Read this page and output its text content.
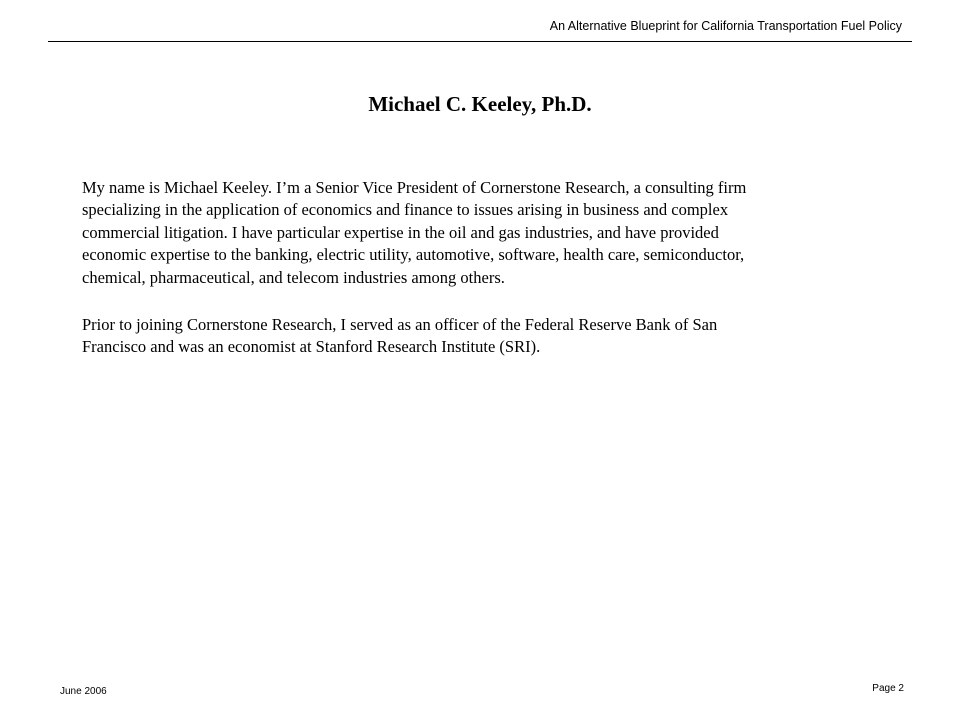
An Alternative Blueprint for California Transportation Fuel Policy
Michael C. Keeley, Ph.D.
My name is Michael Keeley. I’m a Senior Vice President of Cornerstone Research, a consulting firm
specializing in the application of economics and finance to issues arising in business and complex
commercial litigation. I have particular expertise in the oil and gas industries, and have provided
economic expertise to the banking, electric utility, automotive, software, health care, semiconductor,
chemical, pharmaceutical, and telecom industries among others.
Prior to joining Cornerstone Research, I served as an officer of the Federal Reserve Bank of San
Francisco and was an economist at Stanford Research Institute (SRI).
June 2006	Page 2
